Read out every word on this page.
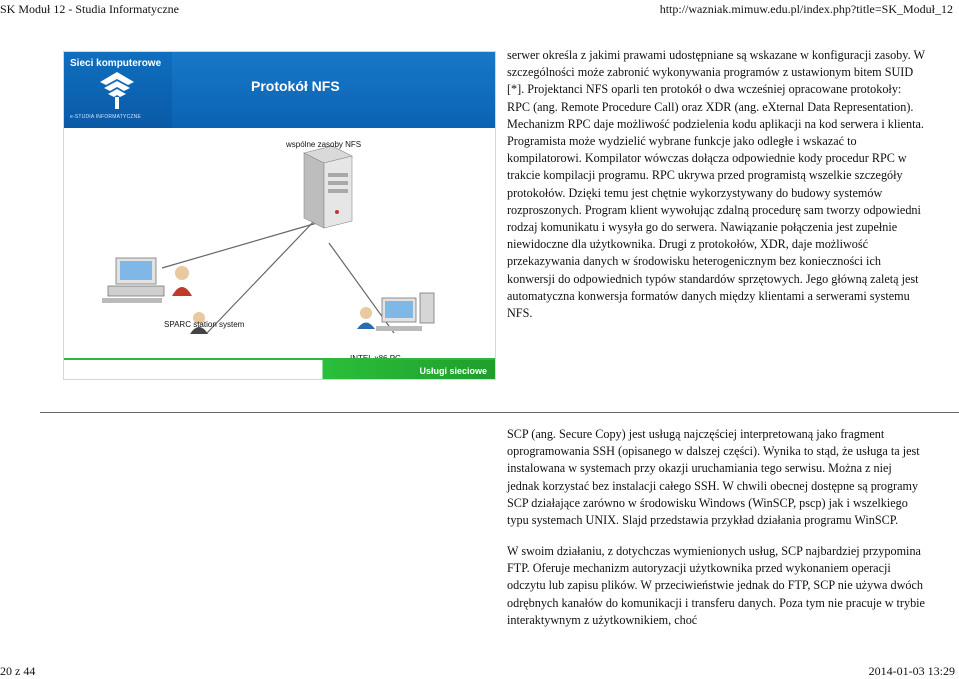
SK Moduł 12 - Studia Informatyczne	http://wazniak.mimuw.edu.pl/index.php?title=SK_Moduł_12
Sieci komputerowe
e-STUDIA INFORMATYCZNE
Protokół NFS
wspólne zasoby NFS
SPARC station system
Usługi sieciowe
serwer określa z jakimi prawami udostępniane są wskazane w konfiguracji zasoby. W szczególności może zabronić wykonywania programów z ustawionym bitem SUID [*]. Projektanci NFS oparli ten protokół o dwa wcześniej opracowane protokoły: RPC (ang. Remote Procedure Call) oraz XDR (ang. eXternal Data Representation). Mechanizm RPC daje możliwość podzielenia kodu aplikacji na kod serwera i klienta. Programista może wydzielić wybrane funkcje jako odległe i wskazać to kompilatorowi. Kompilator wówczas dołącza odpowiednie kody procedur RPC w trakcie kompilacji programu. RPC ukrywa przed programistą wszelkie szczegóły protokołów. Dzięki temu jest chętnie wykorzystywany do budowy systemów rozproszonych. Program klient wywołując zdalną procedurę sam tworzy odpowiedni rodzaj komunikatu i wysyła go do serwera. Nawiązanie połączenia jest zupełnie niewidoczne dla użytkownika. Drugi z protokołów, XDR, daje możliwość przekazywania danych w środowisku heterogenicznym bez konieczności ich konwersji do odpowiednich typów standardów sprzętowych. Jego główną zaletą jest automatyczna konwersja formatów danych między klientami a serwerami systemu NFS.
SCP (ang. Secure Copy) jest usługą najczęściej interpretowaną jako fragment oprogramowania SSH (opisanego w dalszej części). Wynika to stąd, że usługa ta jest instalowana w systemach przy okazji uruchamiania tego serwisu. Można z niej jednak korzystać bez instalacji całego SSH. W chwili obecnej dostępne są programy SCP działające zarówno w środowisku Windows (WinSCP, pscp) jak i wszelkiego typu systemach UNIX. Slajd przedstawia przykład działania programu WinSCP.
W swoim działaniu, z dotychczas wymienionych usług, SCP najbardziej przypomina FTP. Oferuje mechanizm autoryzacji użytkownika przed wykonaniem operacji odczytu lub zapisu plików. W przeciwieństwie jednak do FTP, SCP nie używa dwóch odrębnych kanałów do komunikacji i transferu danych. Poza tym nie pracuje w trybie interaktywnym z użytkownikiem, choć
20 z 44	2014-01-03 13:29
